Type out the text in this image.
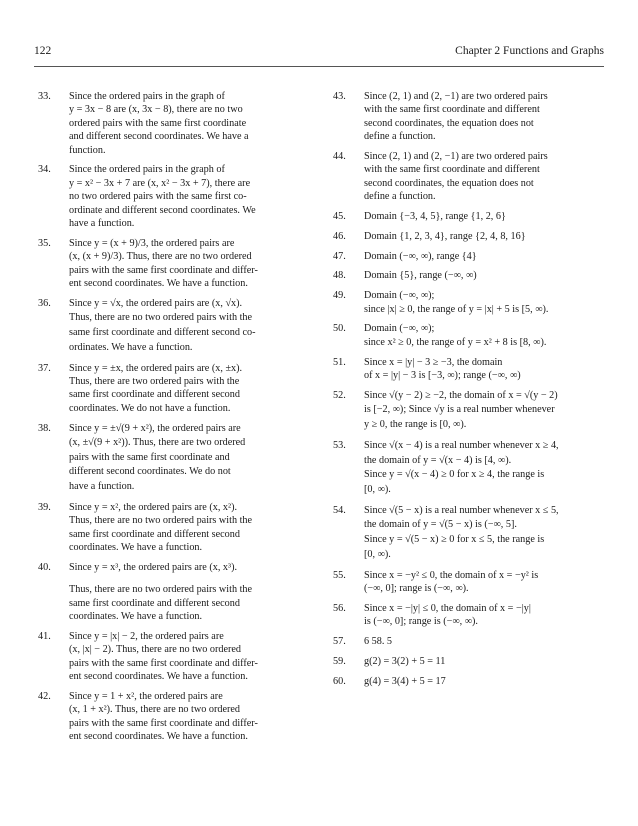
122	Chapter 2 Functions and Graphs
33.	Since the ordered pairs in the graph of
y = 3x − 8 are (x, 3x − 8), there are no two
ordered pairs with the same first coordinate
and different second coordinates. We have a
function.
34.	Since the ordered pairs in the graph of
y = x² − 3x + 7 are (x, x² − 3x + 7), there are
no two ordered pairs with the same first co-
ordinate and different second coordinates. We
have a function.
35.	Since y = (x + 9)/3, the ordered pairs are
(x, (x + 9)/3). Thus, there are no two ordered
pairs with the same first coordinate and differ-
ent second coordinates. We have a function.
36.	Since y = √x, the ordered pairs are (x, √x).
Thus, there are no two ordered pairs with the
same first coordinate and different second co-
ordinates. We have a function.
37.	Since y = ±x, the ordered pairs are (x, ±x).
Thus, there are two ordered pairs with the
same first coordinate and different second
coordinates. We do not have a function.
38.	Since y = ±√(9 + x²), the ordered pairs are
(x, ±√(9 + x²)). Thus, there are two ordered
pairs with the same first coordinate and
different second coordinates. We do not
have a function.
39.	Since y = x², the ordered pairs are (x, x²).
Thus, there are no two ordered pairs with the
same first coordinate and different second
coordinates. We have a function.
40.	Since y = x³, the ordered pairs are (x, x³).
Thus, there are no two ordered pairs with the
same first coordinate and different second
coordinates. We have a function.
41.	Since y = |x| − 2, the ordered pairs are
(x, |x| − 2). Thus, there are no two ordered
pairs with the same first coordinate and differ-
ent second coordinates. We have a function.
42.	Since y = 1 + x², the ordered pairs are
(x, 1 + x²). Thus, there are no two ordered
pairs with the same first coordinate and differ-
ent second coordinates. We have a function.
43.	Since (2, 1) and (2, −1) are two ordered pairs
with the same first coordinate and different
second coordinates, the equation does not
define a function.
44.	Since (2, 1) and (2, −1) are two ordered pairs
with the same first coordinate and different
second coordinates, the equation does not
define a function.
45.	Domain {−3, 4, 5}, range {1, 2, 6}
46.	Domain {1, 2, 3, 4}, range {2, 4, 8, 16}
47.	Domain (−∞, ∞), range {4}
48.	Domain {5}, range (−∞, ∞)
49.	Domain (−∞, ∞);
since |x| ≥ 0, the range of y = |x| + 5 is [5, ∞).
50.	Domain (−∞, ∞);
since x² ≥ 0, the range of y = x² + 8 is [8, ∞).
51.	Since x = |y| − 3 ≥ −3, the domain
of x = |y| − 3 is [−3, ∞); range (−∞, ∞)
52.	Since √(y − 2) ≥ −2, the domain of x = √(y − 2)
is [−2, ∞); Since √y is a real number whenever
y ≥ 0, the range is [0, ∞).
53.	Since √(x − 4) is a real number whenever x ≥ 4,
the domain of y = √(x − 4) is [4, ∞).
Since y = √(x − 4) ≥ 0 for x ≥ 4, the range is
[0, ∞).
54.	Since √(5 − x) is a real number whenever x ≤ 5,
the domain of y = √(5 − x) is (−∞, 5].
Since y = √(5 − x) ≥ 0 for x ≤ 5, the range is
[0, ∞).
55.	Since x = −y² ≤ 0, the domain of x = −y² is
(−∞, 0]; range is (−∞, ∞).
56.	Since x = −|y| ≤ 0, the domain of x = −|y|
is (−∞, 0]; range is (−∞, ∞).
57.	6 58. 5
59.	g(2) = 3(2) + 5 = 11
60.	g(4) = 3(4) + 5 = 17
